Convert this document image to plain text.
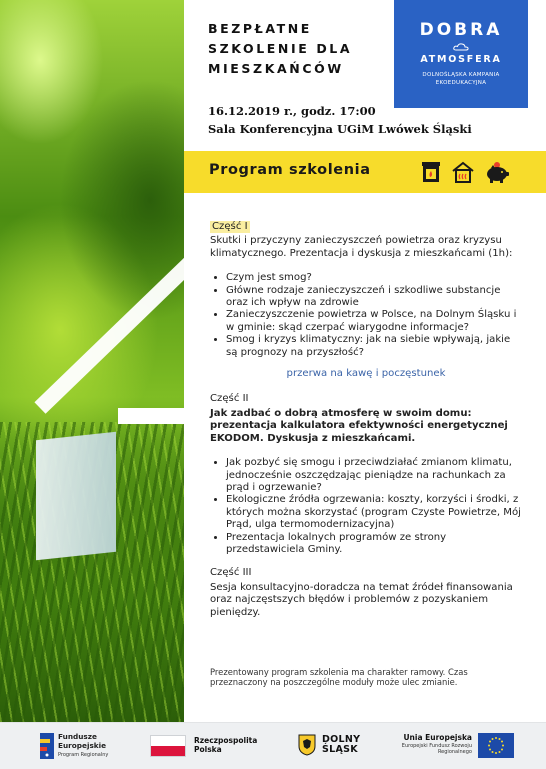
BEZPŁATNE
SZKOLENIE DLA
MIESZKAŃCÓW
16.12.2019 r., godz. 17:00
Sala Konferencyjna UGiM Lwówek Śląski
DOBRA
ATMOSFERA
DOLNOŚLĄSKA KAMPANIA EKOEDUKACYJNA
Program szkolenia
Część I

Skutki i przyczyny zanieczyszczeń powietrza oraz kryzysu klimatycznego. Prezentacja i dyskusja z mieszkańcami (1h):

• Czym jest smog?
• Główne rodzaje zanieczyszczeń i szkodliwe substancje oraz ich wpływ na zdrowie
• Zanieczyszczenie powietrza w Polsce, na Dolnym Śląsku i w gminie: skąd czerpać wiarygodne informacje?
• Smog i kryzys klimatyczny: jak na siebie wpływają, jakie są prognozy na przyszłość?
przerwa na kawę i poczęstunek
Część II

Jak zadbać o dobrą atmosferę w swoim domu: prezentacja kalkulatora efektywności energetycznej EKODOM. Dyskusja z mieszkańcami.

• Jak pozbyć się smogu i przeciwdziałać zmianom klimatu, jednocześnie oszczędzając pieniądze na rachunkach za prąd i ogrzewanie?
• Ekologiczne źródła ogrzewania: koszty, korzyści i środki, z których można skorzystać (program Czyste Powietrze, Mój Prąd, ulga termomodernizacyjna)
• Prezentacja lokalnych programów ze strony przedstawiciela Gminy.
Część III

Sesja konsultacyjno-doradcza na temat źródeł finansowania oraz najczęstszych błędów i problemów z pozyskaniem pieniędzy.

Prezentowany program szkolenia ma charakter ramowy. Czas przeznaczony na poszczególne moduły może ulec zmianie.
Fundusze Europejskie
Program Regionalny
Rzeczpospolita Polska
DOLNY ŚLĄSK
Unia Europejska
Europejski Fundusz Rozwoju Regionalnego
